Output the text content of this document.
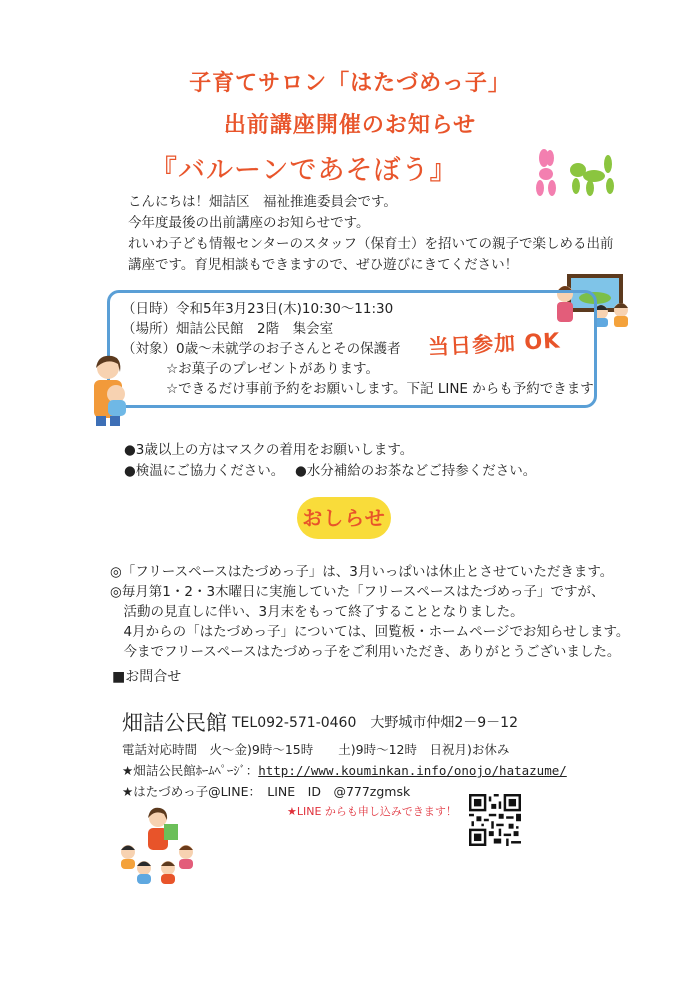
子育てサロン「はたづめっ子」
出前講座開催のお知らせ
『バルーンであそぼう』
こんにちは！畑詰区　福祉推進委員会です。
今年度最後の出前講座のお知らせです。
れいわ子ども情報センターのスタッフ（保育士）を招いての親子で楽しめる出前
講座です。育児相談もできますので、ぜひ遊びにきてください！
（日時）令和5年3月23日(木)10:30～11:30
（場所）畑詰公民館　2階　集会室
（対象）0歳～未就学のお子さんとその保護者
☆お菓子のプレゼントがあります。
☆できるだけ事前予約をお願いします。下記 LINE からも予約できます
当日参加 OK
●3歳以上の方はマスクの着用をお願いします。
●検温にご協力ください。 ●水分補給のお茶などご持参ください。
おしらせ
◎「フリースペースはたづめっ子」は、3月いっぱいは休止とさせていただきます。
◎毎月第1・2・3木曜日に実施していた「フリースペースはたづめっ子」ですが、
　活動の見直しに伴い、3月末をもって終了することとなりました。
　4月からの「はたづめっ子」については、回覧板・ホームページでお知らせします。
　今までフリースペースはたづめっ子をご利用いただき、ありがとうございました。
■お問合せ
畑詰公民館 TEL092-571-0460　大野城市仲畑2－9－12
電話対応時間　火～金)9時～15時　　土)9時～12時　日祝月)お休み
★畑詰公民館ﾎｰﾑﾍﾟｰｼﾞ：http://www.kouminkan.info/onojo/hatazume/
★はたづめっ子@LINE：　LINE　ID　@777zgmsk
★LINE からも申し込みできます！
